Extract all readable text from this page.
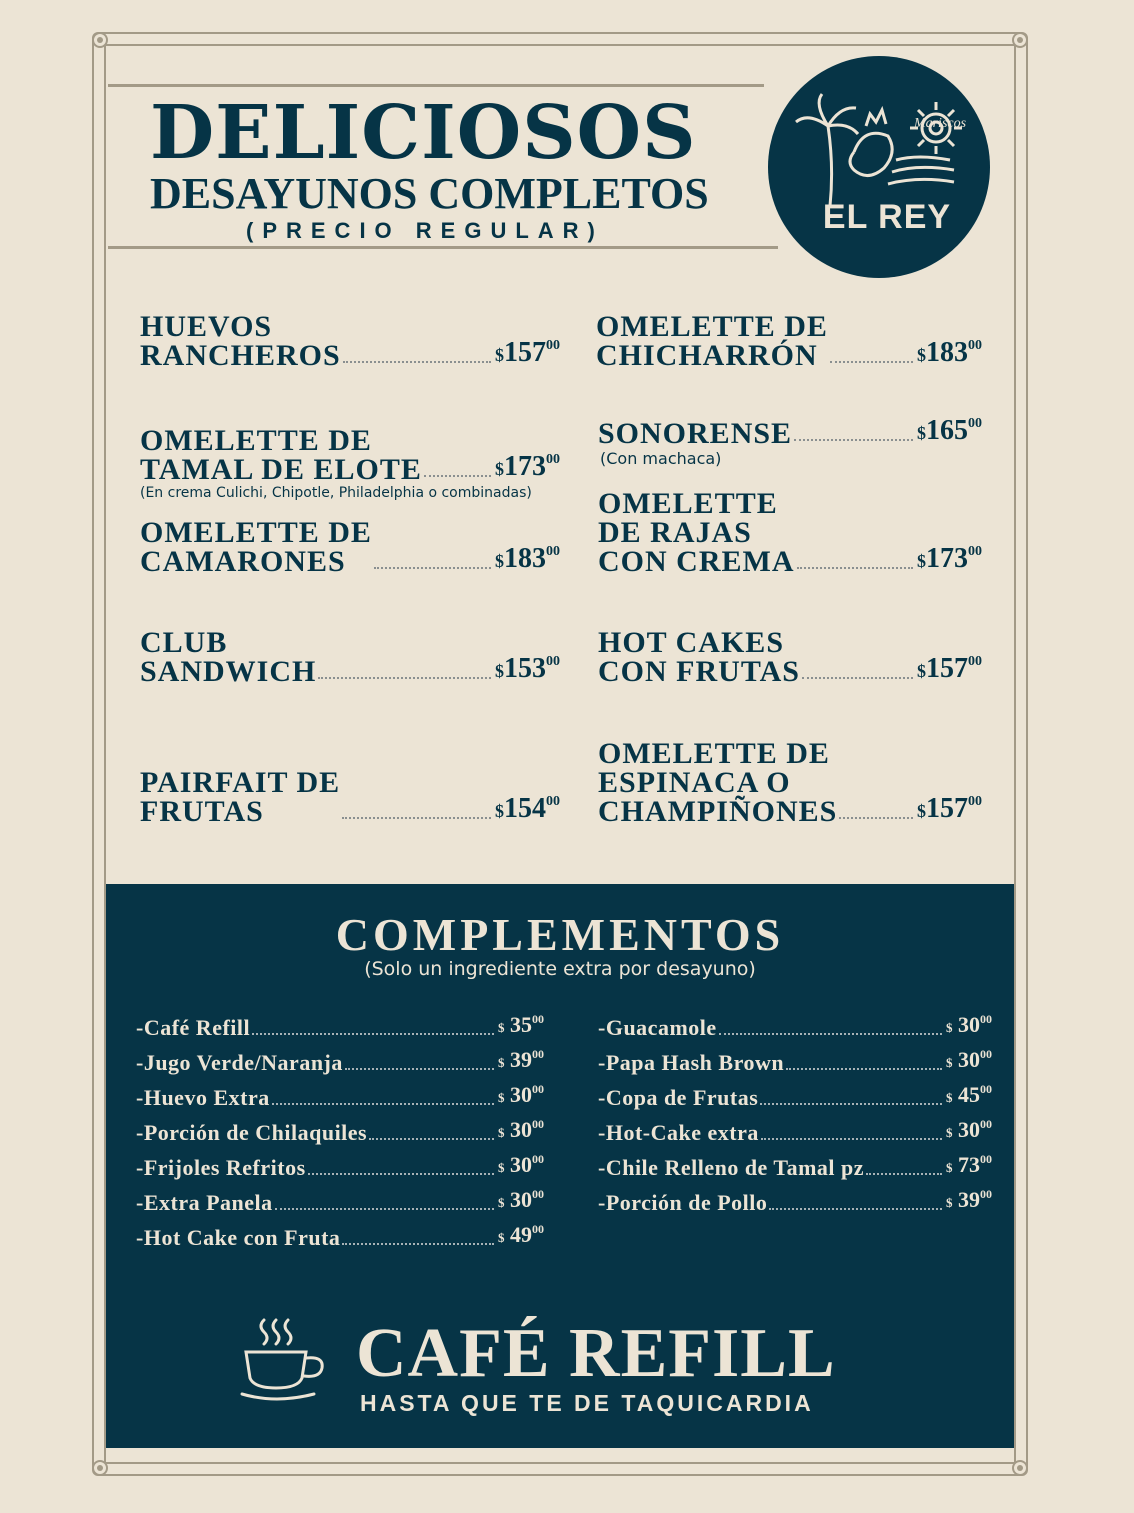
DELICIOSOS
DESAYUNOS COMPLETOS
(PRECIO REGULAR)
Mariscos
EL REY
HUEVOS
RANCHEROS	$\$157^{00}$
OMELETTE DE
TAMAL DE ELOTE	$\$173^{00}$
(En crema Culichi, Chipotle, Philadelphia o combinadas)
OMELETTE DE
CAMARONES	$\$183^{00}$
CLUB
SANDWICH	$\$153^{00}$
PAIRFAIT DE
FRUTAS	$\$154^{00}$
OMELETTE DE
CHICHARRÓN	$\$183^{00}$
SONORENSE	$\$165^{00}$
(Con machaca)
OMELETTE
DE RAJAS
CON CREMA	$\$173^{00}$
HOT CAKES
CON FRUTAS	$\$157^{00}$
OMELETTE DE
ESPINACA O
CHAMPIÑONES	$\$157^{00}$
COMPLEMENTOS
(Solo un ingrediente extra por desayuno)
-Café Refill	$ $35^{00}$
-Jugo Verde/Naranja	$ $39^{00}$
-Huevo Extra	$ $30^{00}$
-Porción de Chilaquiles	$ $30^{00}$
-Frijoles Refritos	$ $30^{00}$
-Extra Panela	$ $30^{00}$
-Hot Cake con Fruta	$ $49^{00}$
-Guacamole	$ $30^{00}$
-Papa Hash Brown	$ $30^{00}$
-Copa de Frutas	$ $45^{00}$
-Hot-Cake extra	$ $30^{00}$
-Chile Relleno de Tamal pz	$ $73^{00}$
-Porción de Pollo	$ $39^{00}$
CAFÉ REFILL
HASTA QUE TE DE TAQUICARDIA
